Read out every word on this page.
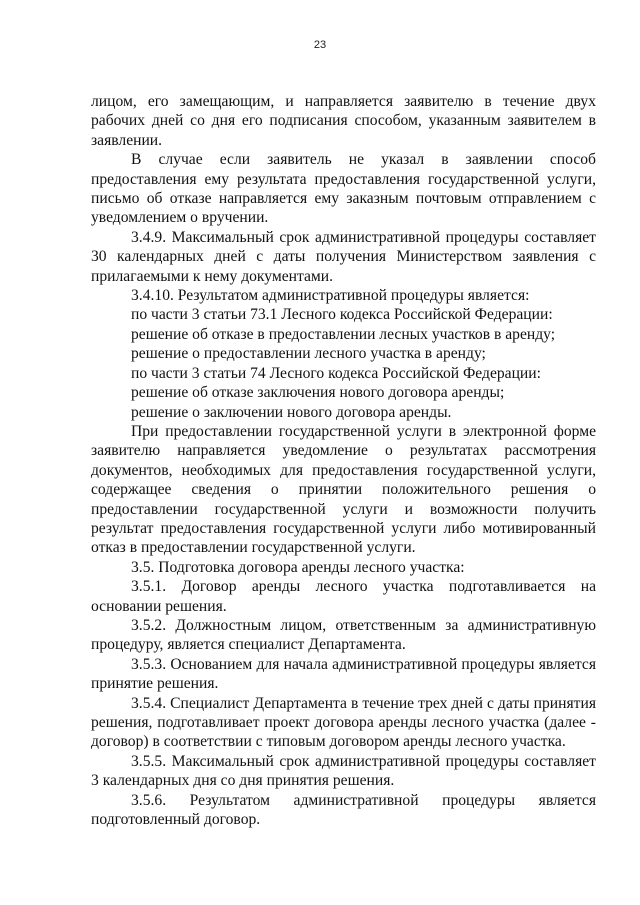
23

лицом, его замещающим, и направляется заявителю в течение двух рабочих дней со дня его подписания способом, указанным заявителем в заявлении.

В случае если заявитель не указал в заявлении способ предоставления ему результата предоставления государственной услуги, письмо об отказе направляется ему заказным почтовым отправлением с уведомлением о вручении.

3.4.9. Максимальный срок административной процедуры составляет 30 календарных дней с даты получения Министерством заявления с прилагаемыми к нему документами.

3.4.10. Результатом административной процедуры является:

по части 3 статьи 73.1 Лесного кодекса Российской Федерации:

решение об отказе в предоставлении лесных участков в аренду;

решение о предоставлении лесного участка в аренду;

по части 3 статьи 74 Лесного кодекса Российской Федерации:

решение об отказе заключения нового договора аренды;

решение о заключении нового договора аренды.

При предоставлении государственной услуги в электронной форме заявителю направляется уведомление о результатах рассмотрения документов, необходимых для предоставления государственной услуги, содержащее сведения о принятии положительного решения о предоставлении государственной услуги и возможности получить результат предоставления государственной услуги либо мотивированный отказ в предоставлении государственной услуги.

3.5. Подготовка договора аренды лесного участка:

3.5.1. Договор аренды лесного участка подготавливается на основании решения.

3.5.2. Должностным лицом, ответственным за административную процедуру, является специалист Департамента.

3.5.3. Основанием для начала административной процедуры является принятие решения.

3.5.4. Специалист Департамента в течение трех дней с даты принятия решения, подготавливает проект договора аренды лесного участка (далее - договор) в соответствии с типовым договором аренды лесного участка.

3.5.5. Максимальный срок административной процедуры составляет 3 календарных дня со дня принятия решения.

3.5.6. Результатом административной процедуры является подготовленный договор.
